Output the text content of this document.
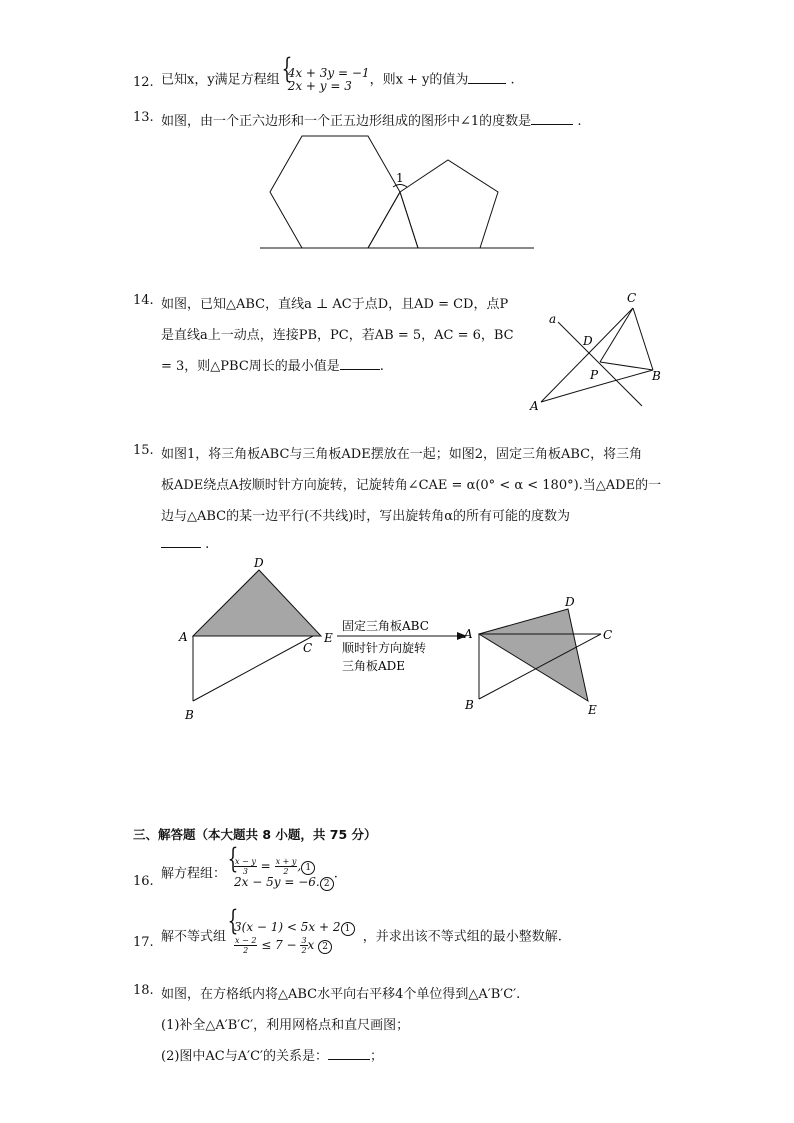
12. 已知x，y满足方程组 { 4x + 3y = −1
2x + y = 3	，则x + y的值为	.
13. 如图，由一个正六边形和一个正五边形组成的图形中∠1的度数是	.
1
14. 如图，已知△ABC，直线a ⊥ AC于点D，且AD = CD，点P
是直线a上一动点，连接PB，PC，若AB = 5，AC = 6，BC
= 3，则△PBC周长的最小值是	.
a
C
D
P	B
A
15. 如图1，将三角板ABC与三角板ADE摆放在一起；如图2，固定三角板ABC，将三角
板ADE绕点A按顺时针方向旋转，记旋转角∠CAE = α(0° < α < 180°).当△ADE的一
边与△ABC的某一边平行(不共线)时，写出旋转角α的所有可能的度数为
.
D
A
C
E
B
固定三角板ABC
顺时针方向旋转
三角板ADE
D
A	C
B	E
三、解答题（本大题共 8 小题，共 75 分）
16. 解方程组： { $\frac{x - y}{3} = \frac{x + y}{2}$ , 1
2x − 5y = −6. 2
.
17. 解不等式组
{ 3(x − 1) < 5x + 2 1
$\frac{x - 2}{2} \le 7 - \frac{3}{2}$ x 2
，并求出该不等式组的最小整数解.
18. 如图，在方格纸内将△ABC水平向右平移4个单位得到△A′B′C′.
(1)补全△A′B′C′，利用网格点和直尺画图；
(2)图中AC与A′C′的关系是：	；
